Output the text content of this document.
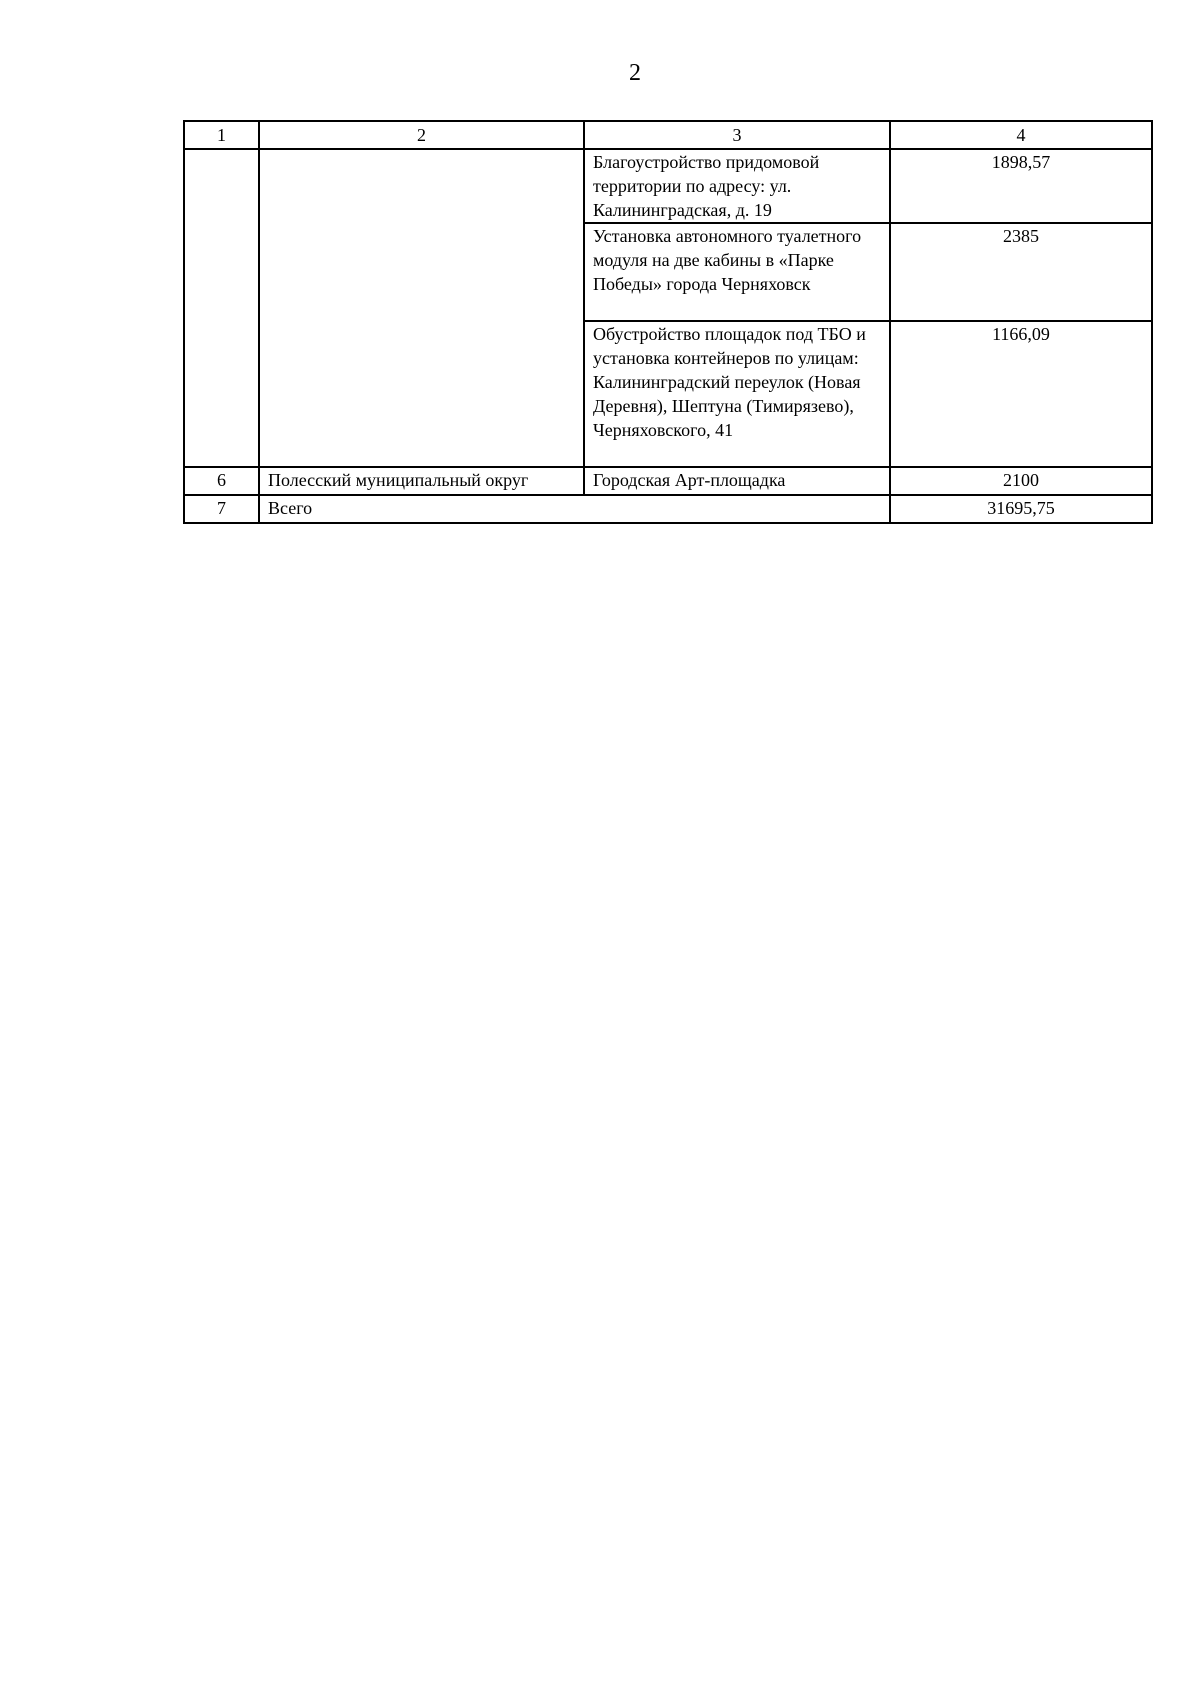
2
1	2	3	4
		Благоустройство придомовой территории по адресу: ул. Калининградская, д. 19	1898,57
		Установка автономного туалетного модуля на две кабины в «Парке Победы» города Черняховск	2385
		Обустройство площадок под ТБО и установка контейнеров по улицам: Калининградский переулок (Новая Деревня), Шептуна (Тимирязево), Черняховского, 41	1166,09
6	Полесский муниципальный округ	Городская Арт-площадка	2100
7	Всего		31695,75
